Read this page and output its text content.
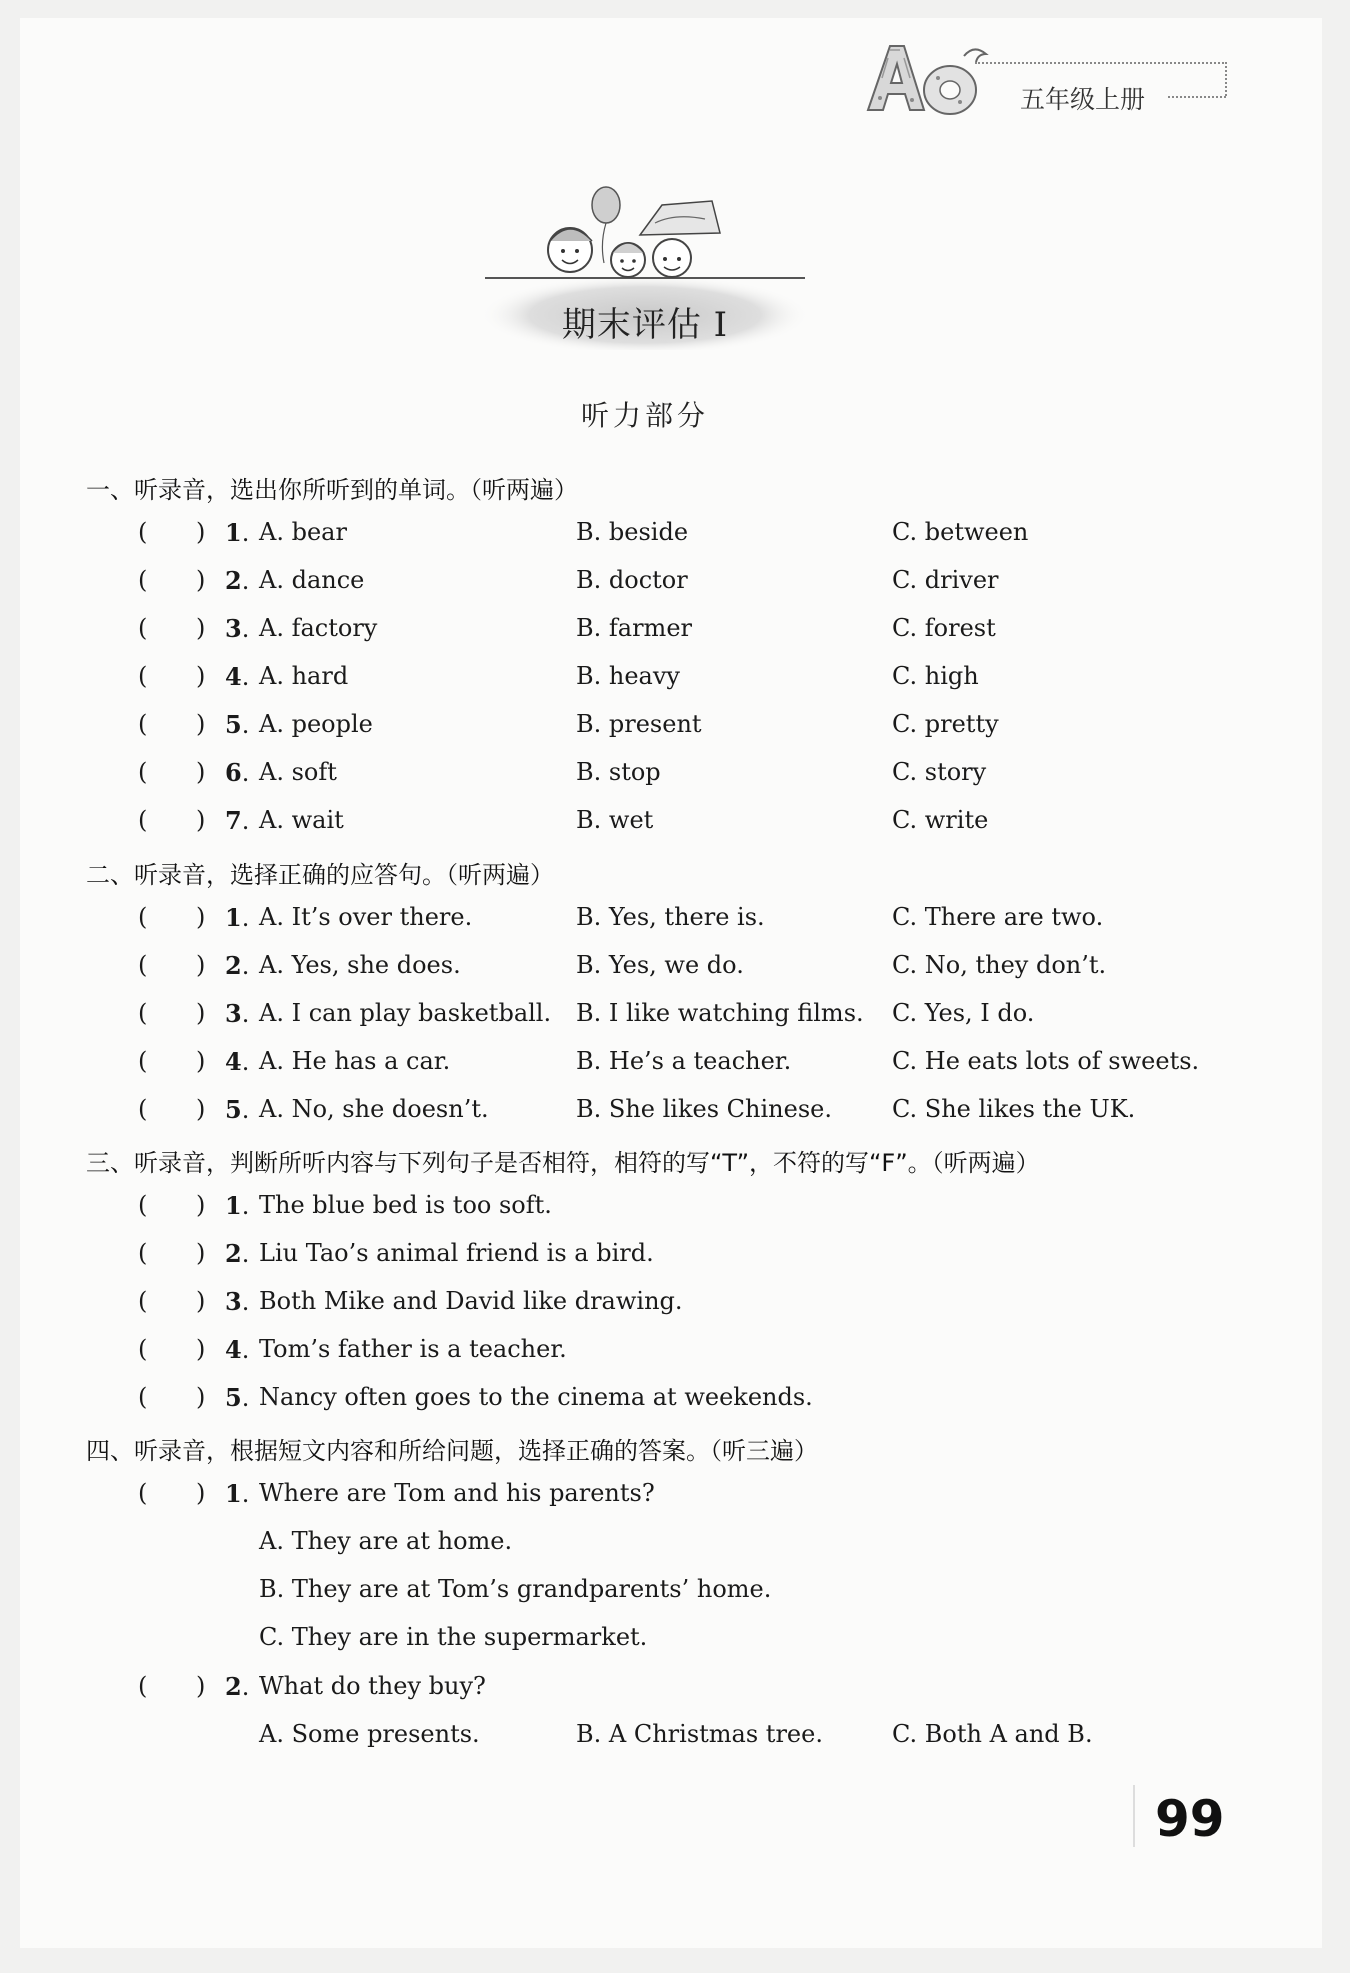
五年级上册
期末评估 I
听力部分
一、听录音，选出你所听到的单词。（听两遍）
( ) 1. A. bear	B. beside	C. between
( ) 2. A. dance	B. doctor	C. driver
( ) 3. A. factory	B. farmer	C. forest
( ) 4. A. hard	B. heavy	C. high
( ) 5. A. people	B. present	C. pretty
( ) 6. A. soft	B. stop	C. story
( ) 7. A. wait	B. wet	C. write
二、听录音，选择正确的应答句。（听两遍）
( ) 1. A. It’s over there.	B. Yes, there is.	C. There are two.
( ) 2. A. Yes, she does.	B. Yes, we do.	C. No, they don’t.
( ) 3. A. I can play basketball. B. I like watching films. C. Yes, I do.
( ) 4. A. He has a car.	B. He’s a teacher.	C. He eats lots of sweets.
( ) 5. A. No, she doesn’t.	B. She likes Chinese.	C. She likes the UK.
三、听录音，判断所听内容与下列句子是否相符，相符的写“T”，不符的写“F”。（听两遍）
( ) 1. The blue bed is too soft.
( ) 2. Liu Tao’s animal friend is a bird.
( ) 3. Both Mike and David like drawing.
( ) 4. Tom’s father is a teacher.
( ) 5. Nancy often goes to the cinema at weekends.
四、听录音，根据短文内容和所给问题，选择正确的答案。（听三遍）
( ) 1. Where are Tom and his parents?
A. They are at home.
B. They are at Tom’s grandparents’ home.
C. They are in the supermarket.
( ) 2. What do they buy?
A. Some presents.	B. A Christmas tree.	C. Both A and B.
99
